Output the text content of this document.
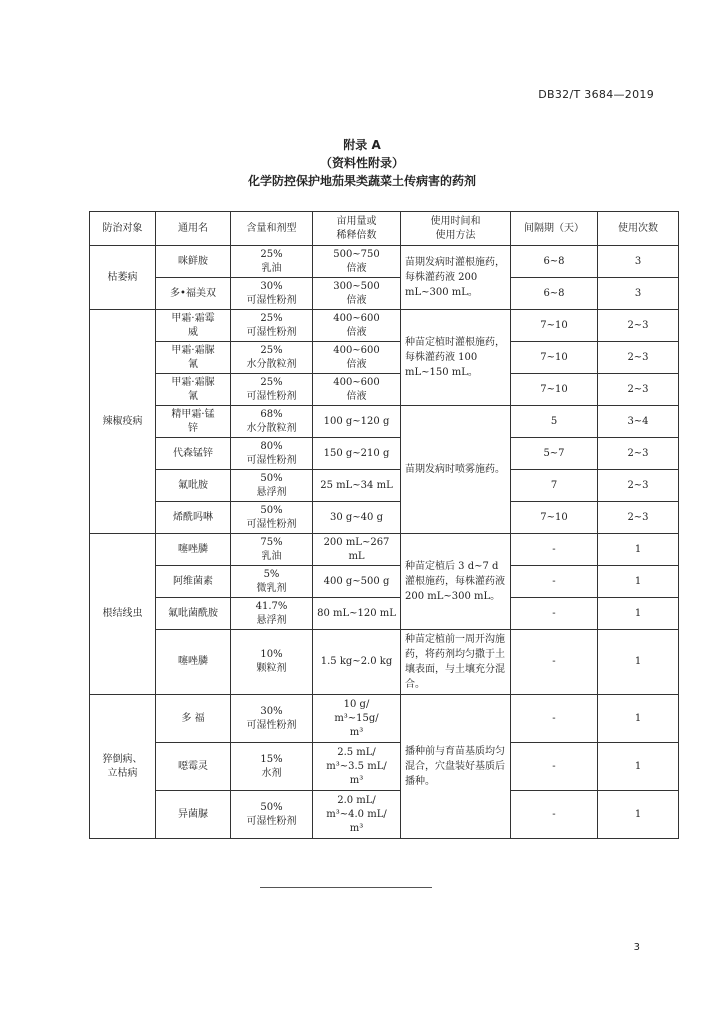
DB32/T 3684—2019
附录 A
（资料性附录）
化学防控保护地茄果类蔬菜土传病害的药剂
防治对象	通用名	含量和剂型	亩用量或
稀释倍数	使用时间和
使用方法	间隔期（天）	使用次数

枯萎病	咪鲜胺	25%
乳油	500~750
倍液	苗期发病时灌根施药，每株灌药液 200 mL~300 mL。	6~8	3

	多•福美双	30%
可湿性粉剂	300~500
倍液		6~8	3

辣椒疫病	甲霜·霜霉
威	25%
可湿性粉剂	400~600
倍液	种苗定植时灌根施药，每株灌药液 100 mL~150 mL。	7~10	2~3

	甲霜·霜脲
氰	25%
水分散粒剂	400~600
倍液		7~10	2~3

	甲霜·霜脲
氰	25%
可湿性粉剂	400~600
倍液		7~10	2~3

	精甲霜·锰
锌	68%
水分散粒剂	100 g~120 g	苗期发病时喷雾施药。	5	3~4

	代森锰锌	80%
可湿性粉剂	150 g~210 g		5~7	2~3

	氟吡胺	50%
悬浮剂	25 mL~34 mL		7	2~3

	烯酰吗啉	50%
可湿性粉剂	30 g~40 g		7~10	2~3

根结线虫	噻唑膦	75%
乳油	200 mL~267
mL	种苗定植后 3 d~7 d 灌根施药，每株灌药液 200 mL~300 mL。	-	1

	阿维菌素	5%
微乳剂	400 g~500 g		-	1

	氟吡菌酰胺	41.7%
悬浮剂	80 mL~120 mL		-	1

	噻唑膦	10%
颗粒剂	1.5 kg~2.0 kg	种苗定植前一周开沟施药，将药剂均匀撒于土壤表面，与土壤充分混合。	-	1

猝倒病、
立枯病	多 福	30%
可湿性粉剂	10 g/
m³~15g/
m³	播种前与育苗基质均匀混合，穴盘装好基质后播种。	-	1

	噁霉灵	15%
水剂	2.5 mL/
m³~3.5 mL/
m³		-	1

	异菌脲	50%
可湿性粉剂	2.0 mL/
m³~4.0 mL/
m³		-	1
3
